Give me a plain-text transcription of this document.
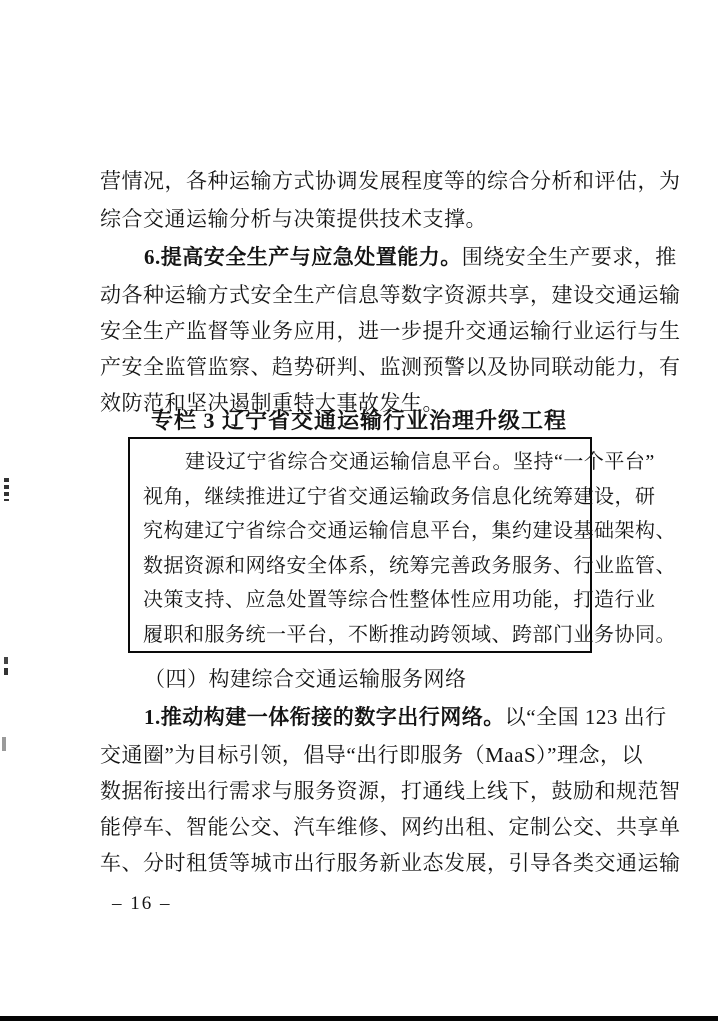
营情况，各种运输方式协调发展程度等的综合分析和评估，为
综合交通运输分析与决策提供技术支撑。
6.提高安全生产与应急处置能力。围绕安全生产要求，推
动各种运输方式安全生产信息等数字资源共享，建设交通运输
安全生产监督等业务应用，进一步提升交通运输行业运行与生
产安全监管监察、趋势研判、监测预警以及协同联动能力，有
效防范和坚决遏制重特大事故发生。
专栏 3 辽宁省交通运输行业治理升级工程
建设辽宁省综合交通运输信息平台。坚持“一个平台”
视角，继续推进辽宁省交通运输政务信息化统筹建设，研
究构建辽宁省综合交通运输信息平台，集约建设基础架构、
数据资源和网络安全体系，统筹完善政务服务、行业监管、
决策支持、应急处置等综合性整体性应用功能，打造行业
履职和服务统一平台，不断推动跨领域、跨部门业务协同。
（四）构建综合交通运输服务网络
1.推动构建一体衔接的数字出行网络。以“全国 123 出行
交通圈”为目标引领，倡导“出行即服务（MaaS）”理念，以
数据衔接出行需求与服务资源，打通线上线下，鼓励和规范智
能停车、智能公交、汽车维修、网约出租、定制公交、共享单
车、分时租赁等城市出行服务新业态发展，引导各类交通运输
– 16 –
